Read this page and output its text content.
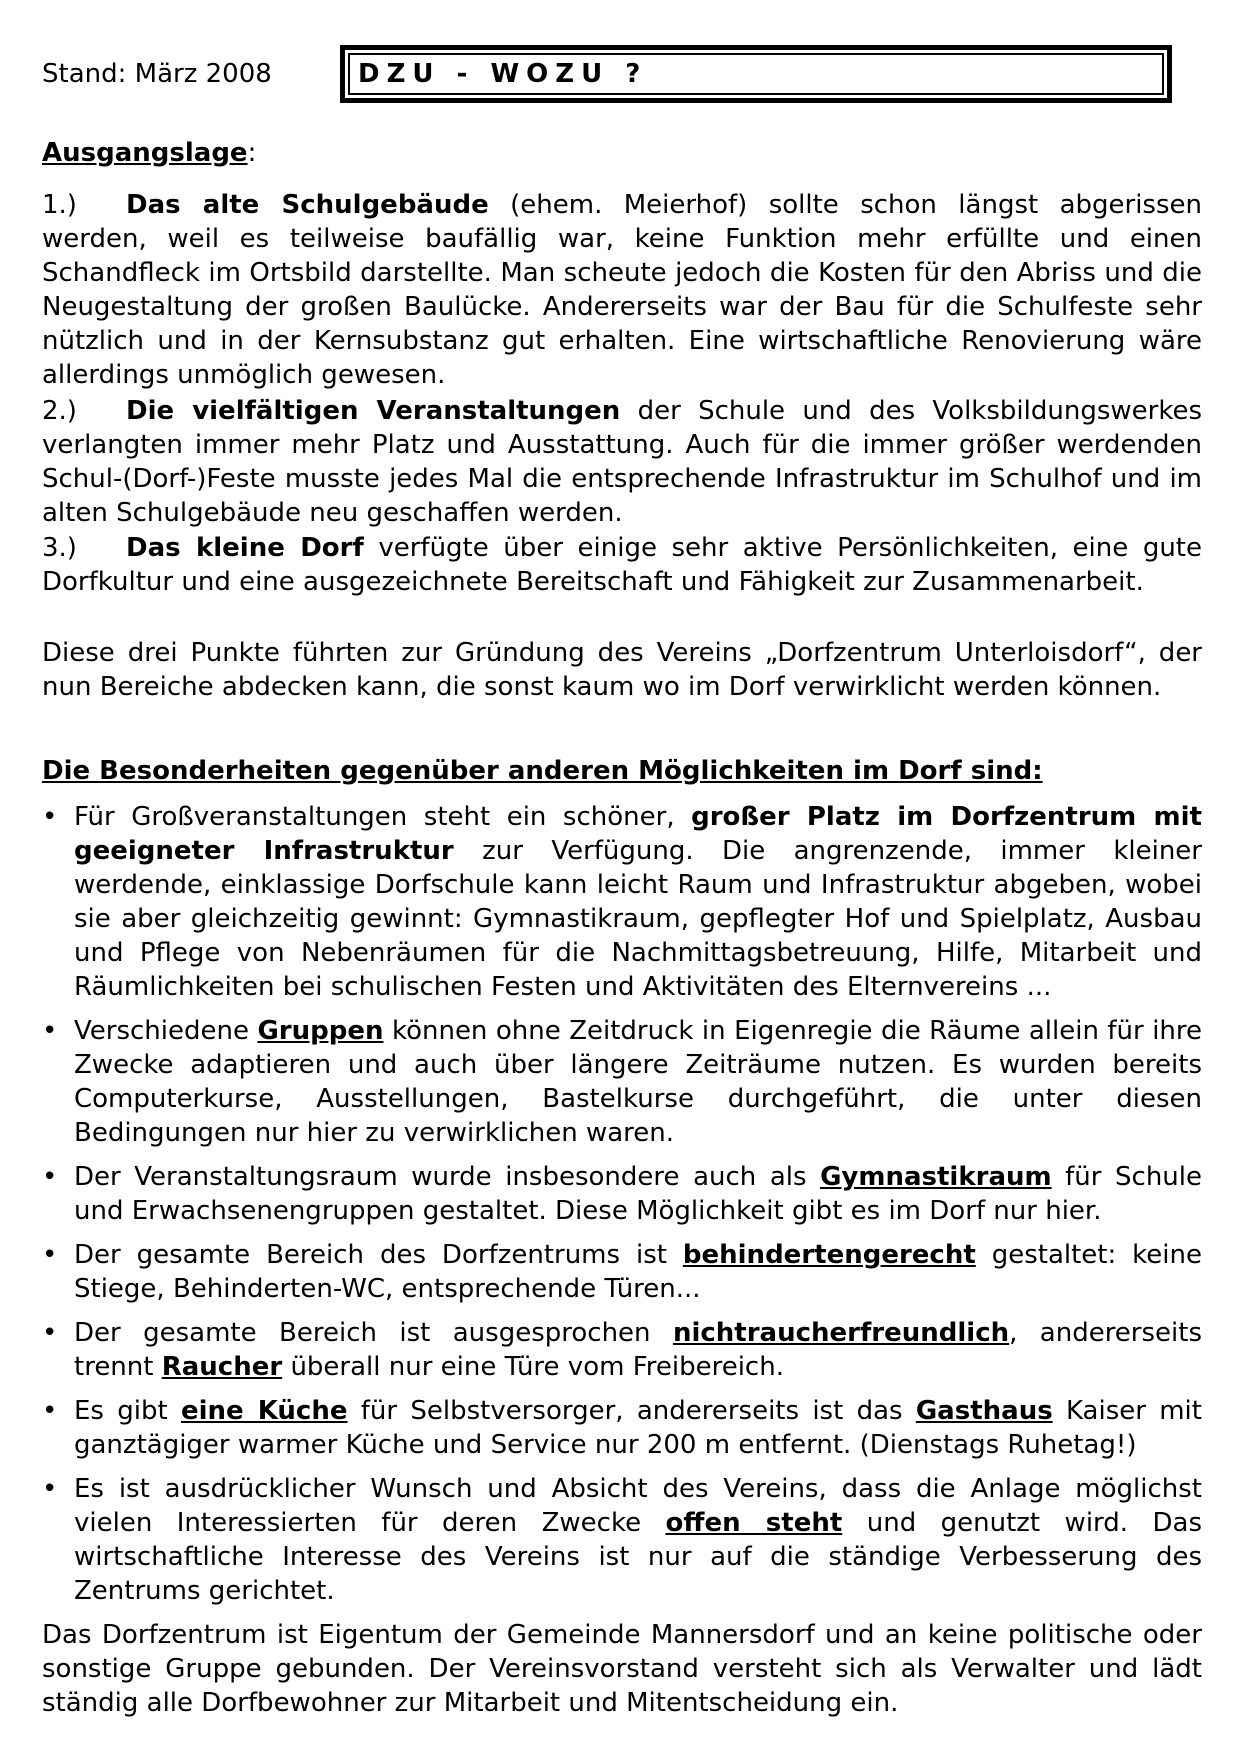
Stand: März 2008	DZU - WOZU ?
Ausgangslage:

1.) Das alte Schulgebäude (ehem. Meierhof) sollte schon längst abgerissen werden, weil es teilweise baufällig war, keine Funktion mehr erfüllte und einen Schandfleck im Ortsbild darstellte. Man scheute jedoch die Kosten für den Abriss und die Neugestaltung der großen Baulücke. Andererseits war der Bau für die Schulfeste sehr nützlich und in der Kernsubstanz gut erhalten. Eine wirtschaftliche Renovierung wäre allerdings unmöglich gewesen.

2.) Die vielfältigen Veranstaltungen der Schule und des Volksbildungswerkes verlangten immer mehr Platz und Ausstattung. Auch für die immer größer werdenden Schul-(Dorf-)Feste musste jedes Mal die entsprechende Infrastruktur im Schulhof und im alten Schulgebäude neu geschaffen werden.

3.) Das kleine Dorf verfügte über einige sehr aktive Persönlichkeiten, eine gute Dorfkultur und eine ausgezeichnete Bereitschaft und Fähigkeit zur Zusammenarbeit.

Diese drei Punkte führten zur Gründung des Vereins „Dorfzentrum Unterloisdorf“, der nun Bereiche abdecken kann, die sonst kaum wo im Dorf verwirklicht werden können.

Die Besonderheiten gegenüber anderen Möglichkeiten im Dorf sind:
• Für Großveranstaltungen steht ein schöner, großer Platz im Dorfzentrum mit geeigneter Infrastruktur zur Verfügung. Die angrenzende, immer kleiner werdende, einklassige Dorfschule kann leicht Raum und Infrastruktur abgeben, wobei sie aber gleichzeitig gewinnt: Gymnastikraum, gepflegter Hof und Spielplatz, Ausbau und Pflege von Nebenräumen für die Nachmittagsbetreuung, Hilfe, Mitarbeit und Räumlichkeiten bei schulischen Festen und Aktivitäten des Elternvereins ...
• Verschiedene Gruppen können ohne Zeitdruck in Eigenregie die Räume allein für ihre Zwecke adaptieren und auch über längere Zeiträume nutzen. Es wurden bereits Computerkurse, Ausstellungen, Bastelkurse durchgeführt, die unter diesen Bedingungen nur hier zu verwirklichen waren.
• Der Veranstaltungsraum wurde insbesondere auch als Gymnastikraum für Schule und Erwachsenengruppen gestaltet. Diese Möglichkeit gibt es im Dorf nur hier.
• Der gesamte Bereich des Dorfzentrums ist behindertengerecht gestaltet: keine Stiege, Behinderten-WC, entsprechende Türen...
• Der gesamte Bereich ist ausgesprochen nichtraucherfreundlich, andererseits trennt Raucher überall nur eine Türe vom Freibereich.
• Es gibt eine Küche für Selbstversorger, andererseits ist das Gasthaus Kaiser mit ganztägiger warmer Küche und Service nur 200 m entfernt. (Dienstags Ruhetag!)
• Es ist ausdrücklicher Wunsch und Absicht des Vereins, dass die Anlage möglichst vielen Interessierten für deren Zwecke offen steht und genutzt wird. Das wirtschaftliche Interesse des Vereins ist nur auf die ständige Verbesserung des Zentrums gerichtet.

Das Dorfzentrum ist Eigentum der Gemeinde Mannersdorf und an keine politische oder sonstige Gruppe gebunden. Der Vereinsvorstand versteht sich als Verwalter und lädt ständig alle Dorfbewohner zur Mitarbeit und Mitentscheidung ein.
